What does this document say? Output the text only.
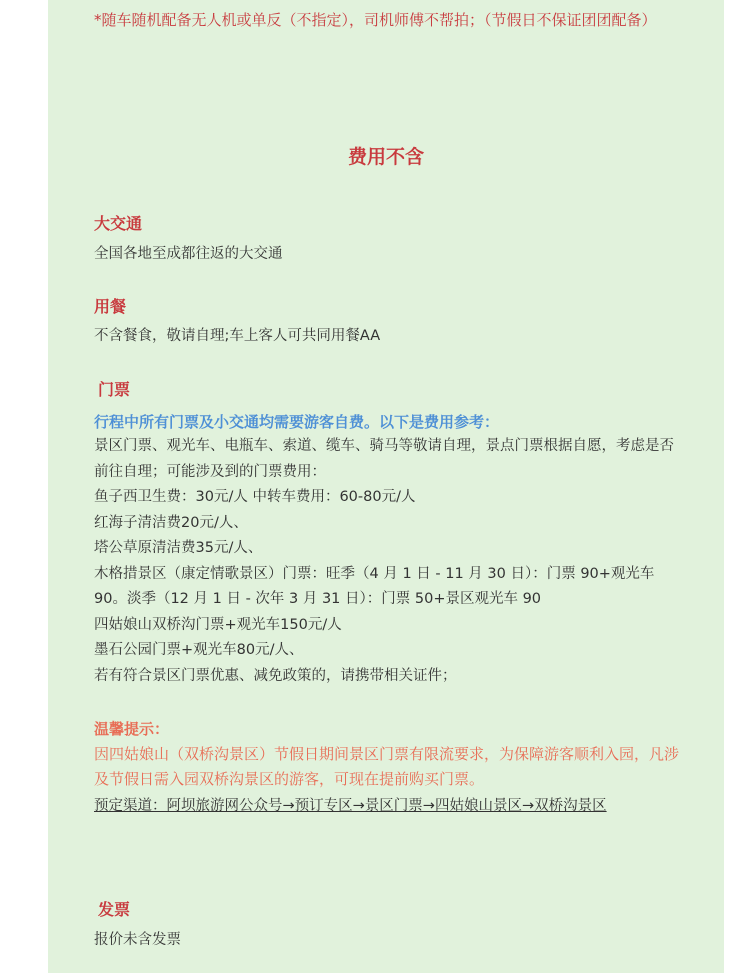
*随车随机配备无人机或单反（不指定），司机师傅不帮拍；（节假日不保证团团配备）
费用不含
大交通
全国各地至成都往返的大交通
用餐
不含餐食，敬请自理;车上客人可共同用餐AA
门票
行程中所有门票及小交通均需要游客自费。以下是费用参考：
景区门票、观光车、电瓶车、索道、缆车、骑马等敬请自理，景点门票根据自愿，考虑是否前往自理；可能涉及到的门票费用：
鱼子西卫生费：30元/人 中转车费用：60-80元/人
红海子清洁费20元/人、
塔公草原清洁费35元/人、
木格措景区（康定情歌景区）门票：旺季（4 月 1 日 - 11 月 30 日）：门票 90+观光车90。淡季（12 月 1 日 - 次年 3 月 31 日）：门票 50+景区观光车 90
四姑娘山双桥沟门票+观光车150元/人
墨石公园门票+观光车80元/人、
若有符合景区门票优惠、减免政策的，请携带相关证件；
温馨提示：
因四姑娘山（双桥沟景区）节假日期间景区门票有限流要求，为保障游客顺利入园，凡涉及节假日需入园双桥沟景区的游客，可现在提前购买门票。
预定渠道：阿坝旅游网公众号→预订专区→景区门票→四姑娘山景区→双桥沟景区
发票
报价未含发票
